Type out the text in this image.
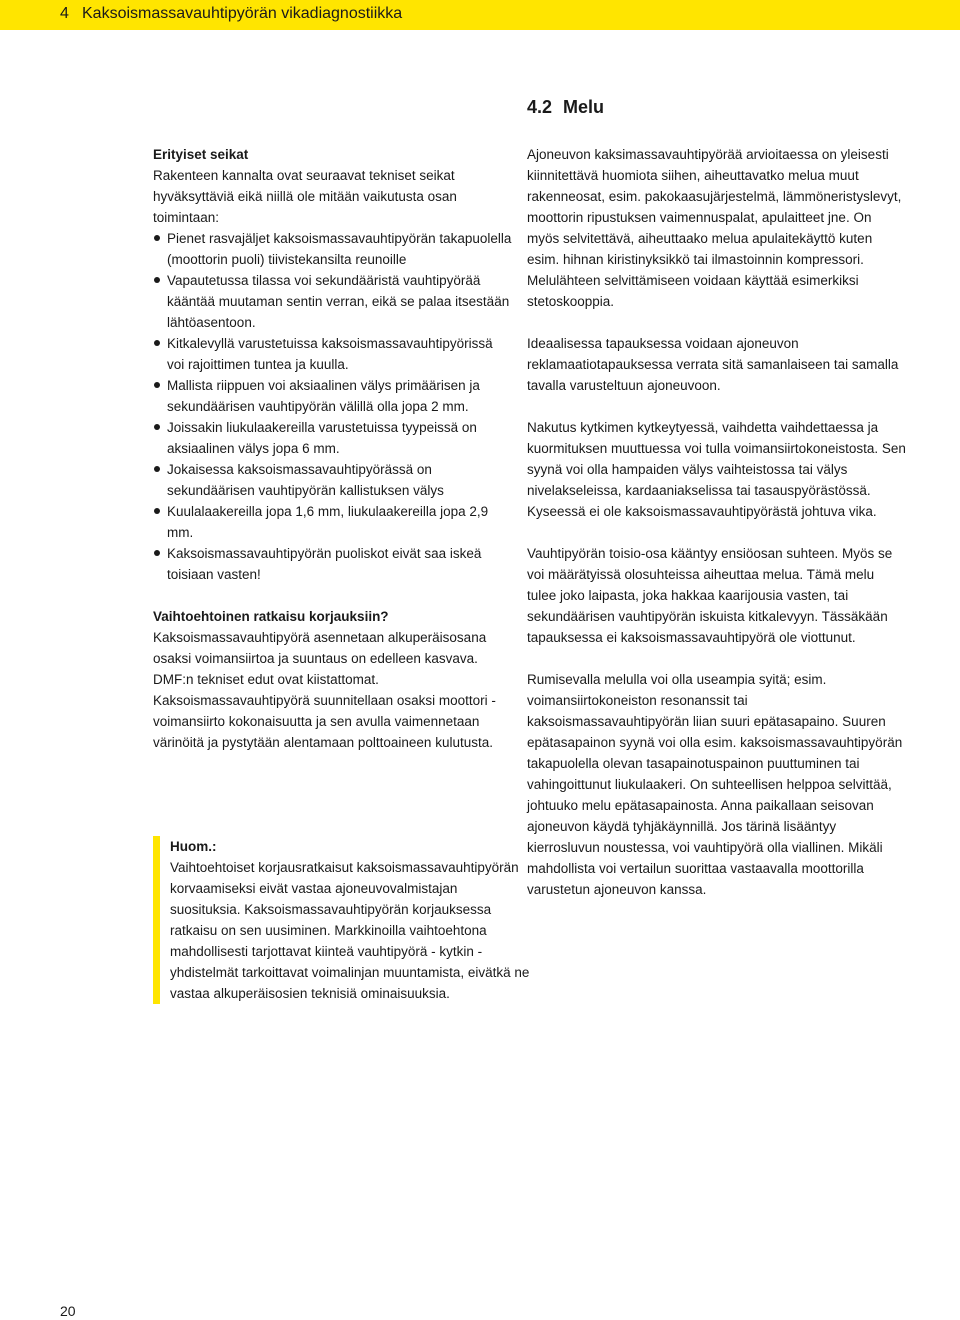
4 Kaksoismassavauhtipyörän vikadiagnostiikka
4.2 Melu

Erityiset seikat

Rakenteen kannalta ovat seuraavat tekniset seikat hyväksyttäviä eikä niillä ole mitään vaikutusta osan toimintaan:

Pienet rasvajäljet kaksoismassavauhtipyörän takapuolella (moottorin puoli) tiivistekansilta reunoille
Vapautetussa tilassa voi sekundääristä vauhtipyörää kääntää muutaman sentin verran, eikä se palaa itsestään lähtöasentoon.
Kitkalevyllä varustetuissa kaksoismassavauhtipyörissä voi rajoittimen tuntea ja kuulla.
Mallista riippuen voi aksiaalinen välys primäärisen ja sekundäärisen vauhtipyörän välillä olla jopa 2 mm.
Joissakin liukulaakereilla varustetuissa tyypeissä on aksiaalinen välys jopa 6 mm.
Jokaisessa kaksoismassavauhtipyörässä on sekundäärisen vauhtipyörän kallistuksen välys
Kuulalaakereilla jopa 1,6 mm, liukulaakereilla jopa 2,9 mm.
Kaksoismassavauhtipyörän puoliskot eivät saa iskeä toisiaan vasten!

Vaihtoehtoinen ratkaisu korjauksiin?

Kaksoismassavauhtipyörä asennetaan alkuperäisosana osaksi voimansiirtoa ja suuntaus on edelleen kasvava. DMF:n tekniset edut ovat kiistattomat. Kaksoismassavauhtipyörä suunnitellaan osaksi moottori - voimansiirto kokonaisuutta ja sen avulla vaimennetaan värinöitä ja pystytään alentamaan polttoaineen kulutusta.

Huom.:

Vaihtoehtoiset korjausratkaisut kaksoismassavauhtipyörän korvaamiseksi eivät vastaa ajoneuvovalmistajan suosituksia. Kaksoismassavauhtipyörän korjauksessa ratkaisu on sen uusiminen. Markkinoilla vaihtoehtona mahdollisesti tarjottavat kiinteä vauhtipyörä - kytkin - yhdistelmät tarkoittavat voimalinjan muuntamista, eivätkä ne vastaa alkuperäisosien teknisiä ominaisuuksia.

Ajoneuvon kaksimassavauhtipyörää arvioitaessa on yleisesti kiinnitettävä huomiota siihen, aiheuttavatko melua muut rakenneosat, esim. pakokaasujärjestelmä, lämmöneristyslevyt, moottorin ripustuksen vaimennuspalat, apulaitteet jne. On myös selvitettävä, aiheuttaako melua apulaitekäyttö kuten esim. hihnan kiristinyksikkö tai ilmastoinnin kompressori. Melulähteen selvittämiseen voidaan käyttää esimerkiksi stetoskooppia.

Ideaalisessa tapauksessa voidaan ajoneuvon reklamaatiotapauksessa verrata sitä samanlaiseen tai samalla tavalla varusteltuun ajoneuvoon.

Nakutus kytkimen kytkeytyessä, vaihdetta vaihdettaessa ja kuormituksen muuttuessa voi tulla voimansiirtokoneistosta. Sen syynä voi olla hampaiden välys vaihteistossa tai välys nivelakseleissa, kardaaniakselissa tai tasauspyörästössä. Kyseessä ei ole kaksoismassavauhtipyörästä johtuva vika.

Vauhtipyörän toisio-osa kääntyy ensiöosan suhteen. Myös se voi määrätyissä olosuhteissa aiheuttaa melua. Tämä melu tulee joko laipasta, joka hakkaa kaarijousia vasten, tai sekundäärisen vauhtipyörän iskuista kitkalevyyn. Tässäkään tapauksessa ei kaksoismassavauhtipyörä ole viottunut.

Rumisevalla melulla voi olla useampia syitä; esim. voimansiirtokoneiston resonanssit tai kaksoismassavauhtipyörän liian suuri epätasapaino. Suuren epätasapainon syynä voi olla esim. kaksoismassavauhtipyörän takapuolella olevan tasapainotuspainon puuttuminen tai vahingoittunut liukulaakeri. On suhteellisen helppoa selvittää, johtuuko melu epätasapainosta. Anna paikallaan seisovan ajoneuvon käydä tyhjäkäynnillä. Jos tärinä lisääntyy kierrosluvun noustessa, voi vauhtipyörä olla viallinen. Mikäli mahdollista voi vertailun suorittaa vastaavalla moottorilla varustetun ajoneuvon kanssa.

20
